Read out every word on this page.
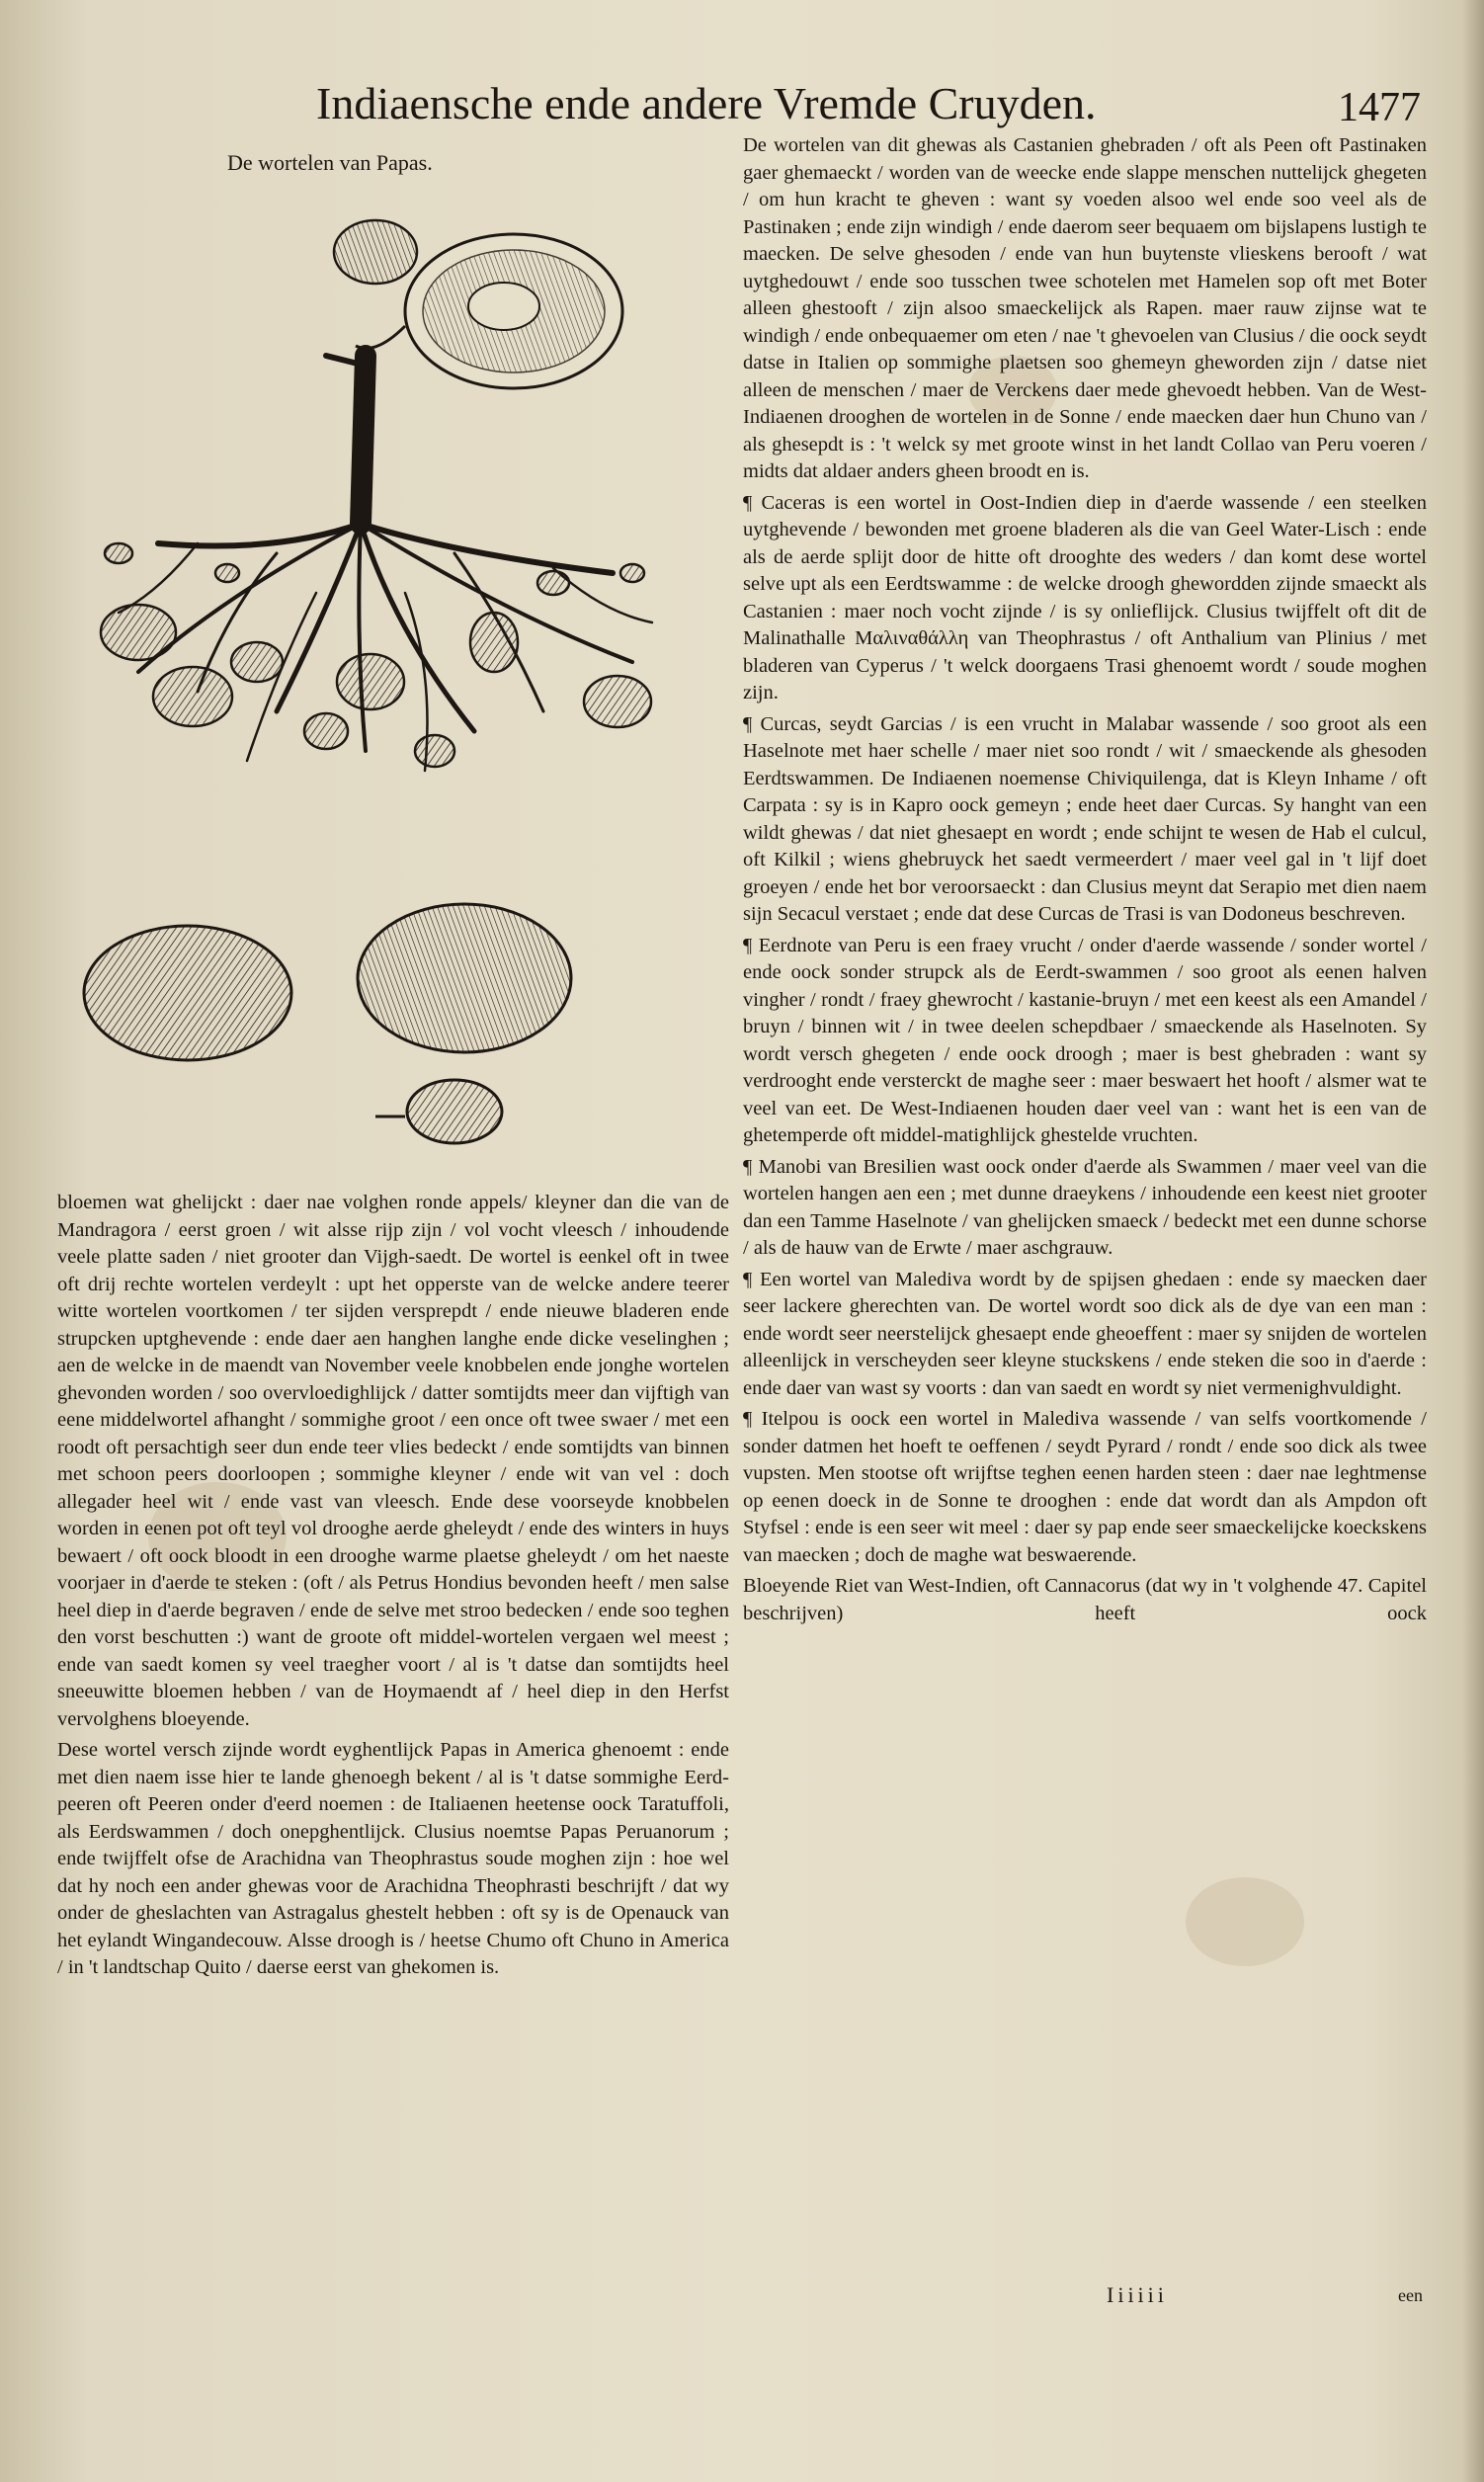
Indiaensche ende andere Vremde Cruyden.	1477
De wortelen van Papas.

bloemen wat ghelijckt : daer nae volghen ronde appels/ kleyner dan die van de Mandragora / eerst groen / wit alsse rijp zijn / vol vocht vleesch / inhoudende veele platte saden / niet grooter dan Vijgh-saedt. De wortel is eenkel oft in twee oft drij rechte wortelen verdeylt : upt het opperste van de welcke andere teerer witte wortelen voortkomen / ter sijden versprepdt / ende nieuwe bladeren ende strupcken uptghevende : ende daer aen hanghen langhe ende dicke veselinghen ; aen de welcke in de maendt van November veele knobbelen ende jonghe wortelen ghevonden worden / soo overvloedighlijck / datter somtijdts meer dan vijftigh van eene middelwortel afhanght / sommighe groot / een once oft twee swaer / met een roodt oft persachtigh seer dun ende teer vlies bedeckt / ende somtijdts van binnen met schoon peers doorloopen ; sommighe kleyner / ende wit van vel : doch allegader heel wit / ende vast van vleesch. Ende dese voorseyde knobbelen worden in eenen pot oft teyl vol drooghe aerde gheleydt / ende des winters in huys bewaert / oft oock bloodt in een drooghe warme plaetse gheleydt / om het naeste voorjaer in d'aerde te steken : (oft / als Petrus Hondius bevonden heeft / men salse heel diep in d'aerde begraven / ende de selve met stroo bedecken / ende soo teghen den vorst beschutten :) want de groote oft middel-wortelen vergaen wel meest ; ende van saedt komen sy veel traegher voort / al is 't datse dan somtijdts heel sneeuwitte bloemen hebben / van de Hoymaendt af / heel diep in den Herfst vervolghens bloeyende.

Dese wortel versch zijnde wordt eyghentlijck Papas in America ghenoemt : ende met dien naem isse hier te lande ghenoegh bekent / al is 't datse sommighe Eerd-peeren oft Peeren onder d'eerd noemen : de Italiaenen heetense oock Taratuffoli, als Eerdswammen / doch onepghentlijck. Clusius noemtse Papas Peruanorum ; ende twijffelt ofse de Arachidna van Theophrastus soude moghen zijn : hoe wel dat hy noch een ander ghewas voor de Arachidna Theophrasti beschrijft / dat wy onder de gheslachten van Astragalus ghestelt hebben : oft sy is de Openauck van het eylandt Wingandecouw. Alsse droogh is / heetse Chumo oft Chuno in America / in 't landtschap Quito / daerse eerst van ghekomen is.

De wortelen van dit ghewas als Castanien ghebraden / oft als Peen oft Pastinaken gaer ghemaeckt / worden van de weecke ende slappe menschen nuttelijck ghegeten / om hun kracht te gheven : want sy voeden alsoo wel ende soo veel als de Pastinaken ; ende zijn windigh / ende daerom seer bequaem om bijslapens lustigh te maecken. De selve ghesoden / ende van hun buytenste vlieskens berooft / wat uytghedouwt / ende soo tusschen twee schotelen met Hamelen sop oft met Boter alleen ghestooft / zijn alsoo smaeckelijck als Rapen. maer rauw zijnse wat te windigh / ende onbequaemer om eten / nae 't ghevoelen van Clusius / die oock seydt datse in Italien op sommighe plaetsen soo ghemeyn gheworden zijn / datse niet alleen de menschen / maer de Verckens daer mede ghevoedt hebben. Van de West-Indiaenen drooghen de wortelen in de Sonne / ende maecken daer hun Chuno van / als ghesepdt is : 't welck sy met groote winst in het landt Collao van Peru voeren / midts dat aldaer anders gheen broodt en is.

¶ Caceras is een wortel in Oost-Indien diep in d'aerde wassende / een steelken uytghevende / bewonden met groene bladeren als die van Geel Water-Lisch : ende als de aerde splijt door de hitte oft drooghte des weders / dan komt dese wortel selve upt als een Eerdtswamme : de welcke droogh ghewordden zijnde smaeckt als Castanien : maer noch vocht zijnde / is sy onlieflijck. Clusius twijffelt oft dit de Malinathalle Μαλιναθάλλη van Theophrastus / oft Anthalium van Plinius / met bladeren van Cyperus / 't welck doorgaens Trasi ghenoemt wordt / soude moghen zijn.

¶ Curcas, seydt Garcias / is een vrucht in Malabar wassende / soo groot als een Haselnote met haer schelle / maer niet soo rondt / wit / smaeckende als ghesoden Eerdtswammen. De Indiaenen noemense Chiviquilenga, dat is Kleyn Inhame / oft Carpata : sy is in Kapro oock gemeyn ; ende heet daer Curcas. Sy hanght van een wildt ghewas / dat niet ghesaept en wordt ; ende schijnt te wesen de Hab el culcul, oft Kilkil ; wiens ghebruyck het saedt vermeerdert / maer veel gal in 't lijf doet groeyen / ende het bor veroorsaeckt : dan Clusius meynt dat Serapio met dien naem sijn Secacul verstaet ; ende dat dese Curcas de Trasi is van Dodoneus beschreven.

¶ Eerdnote van Peru is een fraey vrucht / onder d'aerde wassende / sonder wortel / ende oock sonder strupck als de Eerdt-swammen / soo groot als eenen halven vingher / rondt / fraey ghewrocht / kastanie-bruyn / met een keest als een Amandel / bruyn / binnen wit / in twee deelen schepdbaer / smaeckende als Haselnoten. Sy wordt versch ghegeten / ende oock droogh ; maer is best ghebraden : want sy verdrooght ende versterckt de maghe seer : maer beswaert het hooft / alsmer wat te veel van eet. De West-Indiaenen houden daer veel van : want het is een van de ghetemperde oft middel-matighlijck ghestelde vruchten.

¶ Manobi van Bresilien wast oock onder d'aerde als Swammen / maer veel van die wortelen hangen aen een ; met dunne draeykens / inhoudende een keest niet grooter dan een Tamme Haselnote / van ghelijcken smaeck / bedeckt met een dunne schorse / als de hauw van de Erwte / maer aschgrauw.

¶ Een wortel van Malediva wordt by de spijsen ghedaen : ende sy maecken daer seer lackere gherechten van. De wortel wordt soo dick als de dye van een man : ende wordt seer neerstelijck ghesaept ende gheoeffent : maer sy snijden de wortelen alleenlijck in verscheyden seer kleyne stuckskens / ende steken die soo in d'aerde : ende daer van wast sy voorts : dan van saedt en wordt sy niet vermenighvuldight.

¶ Itelpou is oock een wortel in Malediva wassende / van selfs voortkomende / sonder datmen het hoeft te oeffenen / seydt Pyrard / rondt / ende soo dick als twee vupsten. Men stootse oft wrijftse teghen eenen harden steen : daer nae leghtmense op eenen doeck in de Sonne te drooghen : ende dat wordt dan als Ampdon oft Styfsel : ende is een seer wit meel : daer sy pap ende seer smaeckelijcke koeckskens van maecken ; doch de maghe wat beswaerende.

Bloeyende Riet van West-Indien, oft Cannacorus (dat wy in 't volghende 47. Capitel beschrijven) heeft oock

Iiiiii	een
